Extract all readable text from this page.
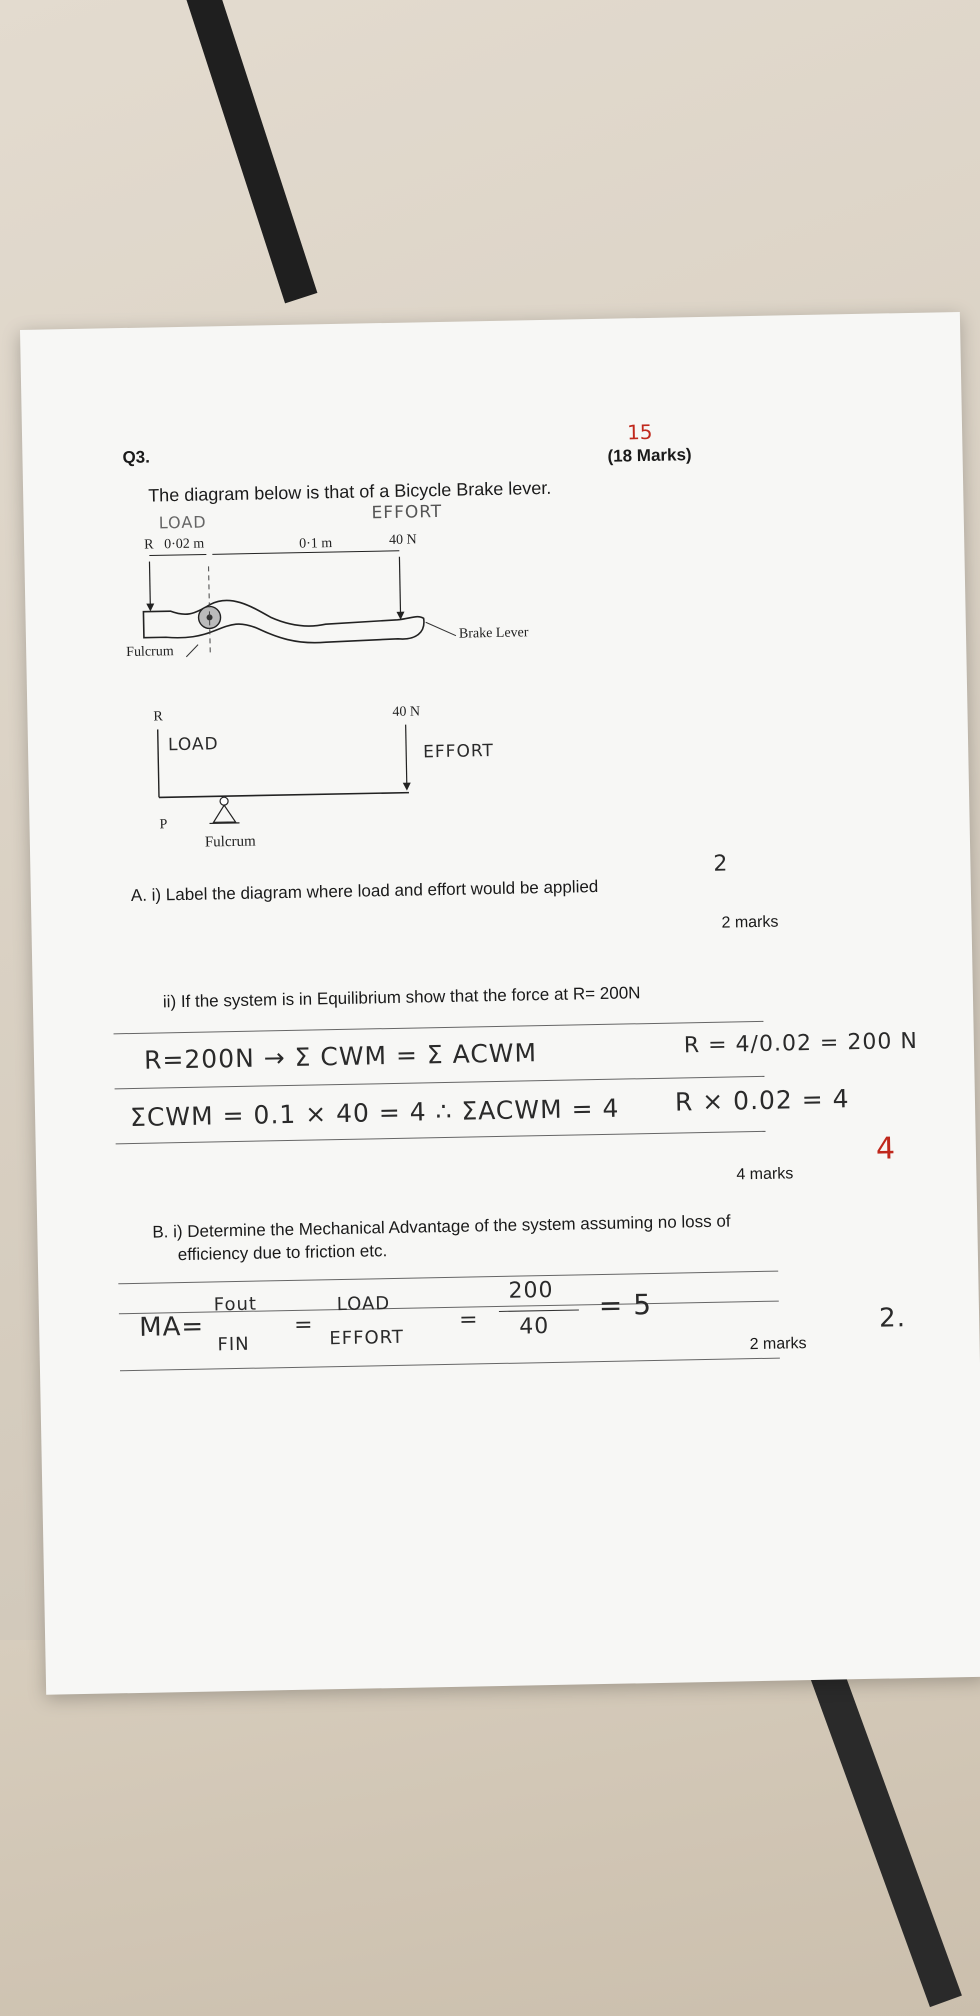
Q3.
15
(18 Marks)
The diagram below is that of a Bicycle Brake lever.
LOAD	EFFORT
R 0·02 m	0·1 m	40 N
Fulcrum
Brake Lever
R	40 N
LOAD	EFFORT
P
Fulcrum
A. i) Label the diagram where load and effort would be applied
2
2 marks
ii) If the system is in Equilibrium show that the force at R= 200N
R=200N → Σ CWM = Σ ACWM	R = 4/0.02 = 200 N
ΣCWM = 0.1 × 40 = 4 ∴ ΣACWM = 4 R × 0.02 = 4
4
4 marks
B. i) Determine the Mechanical Advantage of the system assuming no loss of
efficiency due to friction etc.
MA=
Fout
FIN
=
LOAD
EFFORT
=
200
40
= 5	2.
2 marks
